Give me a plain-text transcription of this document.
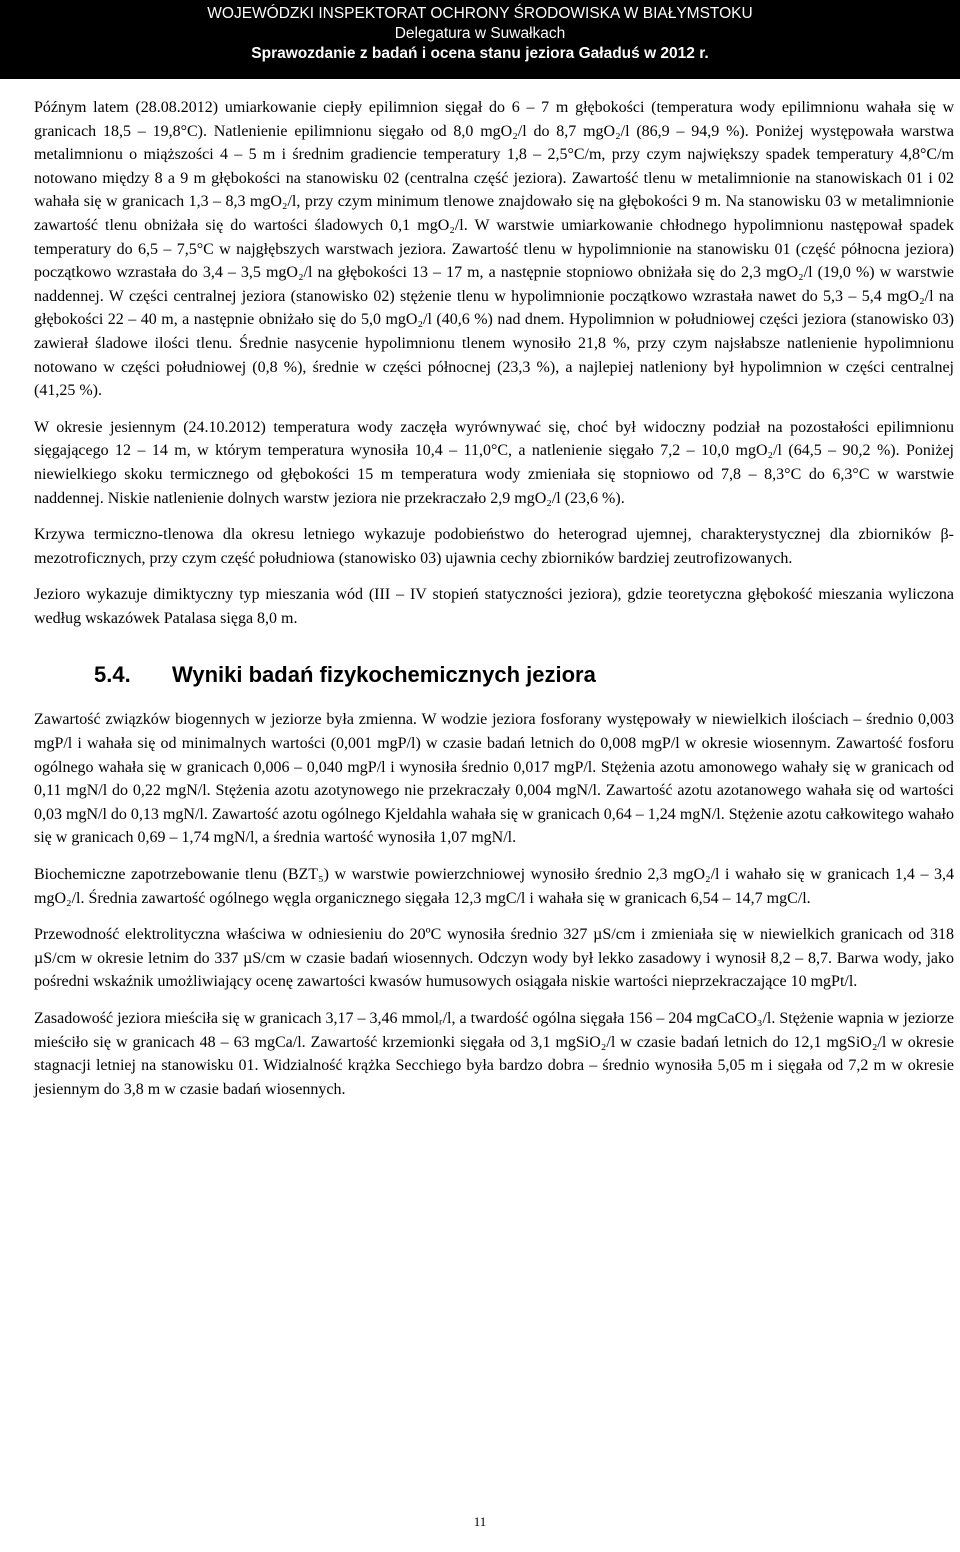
WOJEWÓDZKI INSPEKTORAT OCHRONY ŚRODOWISKA W BIAŁYMSTOKU
Delegatura w Suwałkach
Sprawozdanie z badań i ocena stanu jeziora Gaładuś w 2012 r.

Późnym latem (28.08.2012) umiarkowanie ciepły epilimnion sięgał do 6 – 7 m głębokości (temperatura wody epilimnionu wahała się w granicach 18,5 – 19,8°C). Natlenienie epilimnionu sięgało od 8,0 mgO₂/l do 8,7 mgO₂/l (86,9 – 94,9 %). Poniżej występowała warstwa metalimnionu o miąższości 4 – 5 m i średnim gradiencie temperatury 1,8 – 2,5°C/m, przy czym największy spadek temperatury 4,8°C/m notowano między 8 a 9 m głębokości na stanowisku 02 (centralna część jeziora). Zawartość tlenu w metalimnionie na stanowiskach 01 i 02 wahała się w granicach 1,3 – 8,3 mgO₂/l, przy czym minimum tlenowe znajdowało się na głębokości 9 m. Na stanowisku 03 w metalimnionie zawartość tlenu obniżała się do wartości śladowych 0,1 mgO₂/l. W warstwie umiarkowanie chłodnego hypolimnionu następował spadek temperatury do 6,5 – 7,5°C w najgłębszych warstwach jeziora. Zawartość tlenu w hypolimnionie na stanowisku 01 (część północna jeziora) początkowo wzrastała do 3,4 – 3,5 mgO₂/l na głębokości 13 – 17 m, a następnie stopniowo obniżała się do 2,3 mgO₂/l (19,0 %) w warstwie naddennej. W części centralnej jeziora (stanowisko 02) stężenie tlenu w hypolimnionie początkowo wzrastała nawet do 5,3 – 5,4 mgO₂/l na głębokości 22 – 40 m, a następnie obniżało się do 5,0 mgO₂/l (40,6 %) nad dnem. Hypolimnion w południowej części jeziora (stanowisko 03) zawierał śladowe ilości tlenu. Średnie nasycenie hypolimnionu tlenem wynosiło 21,8 %, przy czym najsłabsze natlenienie hypolimnionu notowano w części południowej (0,8 %), średnie w części północnej (23,3 %), a najlepiej natleniony był hypolimnion w części centralnej (41,25 %).

W okresie jesiennym (24.10.2012) temperatura wody zaczęła wyrównywać się, choć był widoczny podział na pozostałości epilimnionu sięgającego 12 – 14 m, w którym temperatura wynosiła 10,4 – 11,0°C, a natlenienie sięgało 7,2 – 10,0 mgO₂/l (64,5 – 90,2 %). Poniżej niewielkiego skoku termicznego od głębokości 15 m temperatura wody zmieniała się stopniowo od 7,8 – 8,3°C do 6,3°C w warstwie naddennej. Niskie natlenienie dolnych warstw jeziora nie przekraczało 2,9 mgO₂/l (23,6 %).

Krzywa termiczno-tlenowa dla okresu letniego wykazuje podobieństwo do heterograd ujemnej, charakterystycznej dla zbiorników β-mezotroficznych, przy czym część południowa (stanowisko 03) ujawnia cechy zbiorników bardziej zeutrofizowanych.

Jezioro wykazuje dimiktyczny typ mieszania wód (III – IV stopień statyczności jeziora), gdzie teoretyczna głębokość mieszania wyliczona według wskazówek Patalasa sięga 8,0 m.

5.4. Wyniki badań fizykochemicznych jeziora

Zawartość związków biogennych w jeziorze była zmienna. W wodzie jeziora fosforany występowały w niewielkich ilościach – średnio 0,003 mgP/l i wahała się od minimalnych wartości (0,001 mgP/l) w czasie badań letnich do 0,008 mgP/l w okresie wiosennym. Zawartość fosforu ogólnego wahała się w granicach 0,006 – 0,040 mgP/l i wynosiła średnio 0,017 mgP/l. Stężenia azotu amonowego wahały się w granicach od 0,11 mgN/l do 0,22 mgN/l. Stężenia azotu azotynowego nie przekraczały 0,004 mgN/l. Zawartość azotu azotanowego wahała się od wartości 0,03 mgN/l do 0,13 mgN/l. Zawartość azotu ogólnego Kjeldahla wahała się w granicach 0,64 – 1,24 mgN/l. Stężenie azotu całkowitego wahało się w granicach 0,69 – 1,74 mgN/l, a średnia wartość wynosiła 1,07 mgN/l.

Biochemiczne zapotrzebowanie tlenu (BZT₅) w warstwie powierzchniowej wynosiło średnio 2,3 mgO₂/l i wahało się w granicach 1,4 – 3,4 mgO₂/l. Średnia zawartość ogólnego węgla organicznego sięgała 12,3 mgC/l i wahała się w granicach 6,54 – 14,7 mgC/l.

Przewodność elektrolityczna właściwa w odniesieniu do 20ºC wynosiła średnio 327 µS/cm i zmieniała się w niewielkich granicach od 318 µS/cm w okresie letnim do 337 µS/cm w czasie badań wiosennych. Odczyn wody był lekko zasadowy i wynosił 8,2 – 8,7. Barwa wody, jako pośredni wskaźnik umożliwiający ocenę zawartości kwasów humusowych osiągała niskie wartości nieprzekraczające 10 mgPt/l.

Zasadowość jeziora mieściła się w granicach 3,17 – 3,46 mmolᵣ/l, a twardość ogólna sięgała 156 – 204 mgCaCO₃/l. Stężenie wapnia w jeziorze mieściło się w granicach 48 – 63 mgCa/l. Zawartość krzemionki sięgała od 3,1 mgSiO₂/l w czasie badań letnich do 12,1 mgSiO₂/l w okresie stagnacji letniej na stanowisku 01. Widzialność krążka Secchiego była bardzo dobra – średnio wynosiła 5,05 m i sięgała od 7,2 m w okresie jesiennym do 3,8 m w czasie badań wiosennych.

11
